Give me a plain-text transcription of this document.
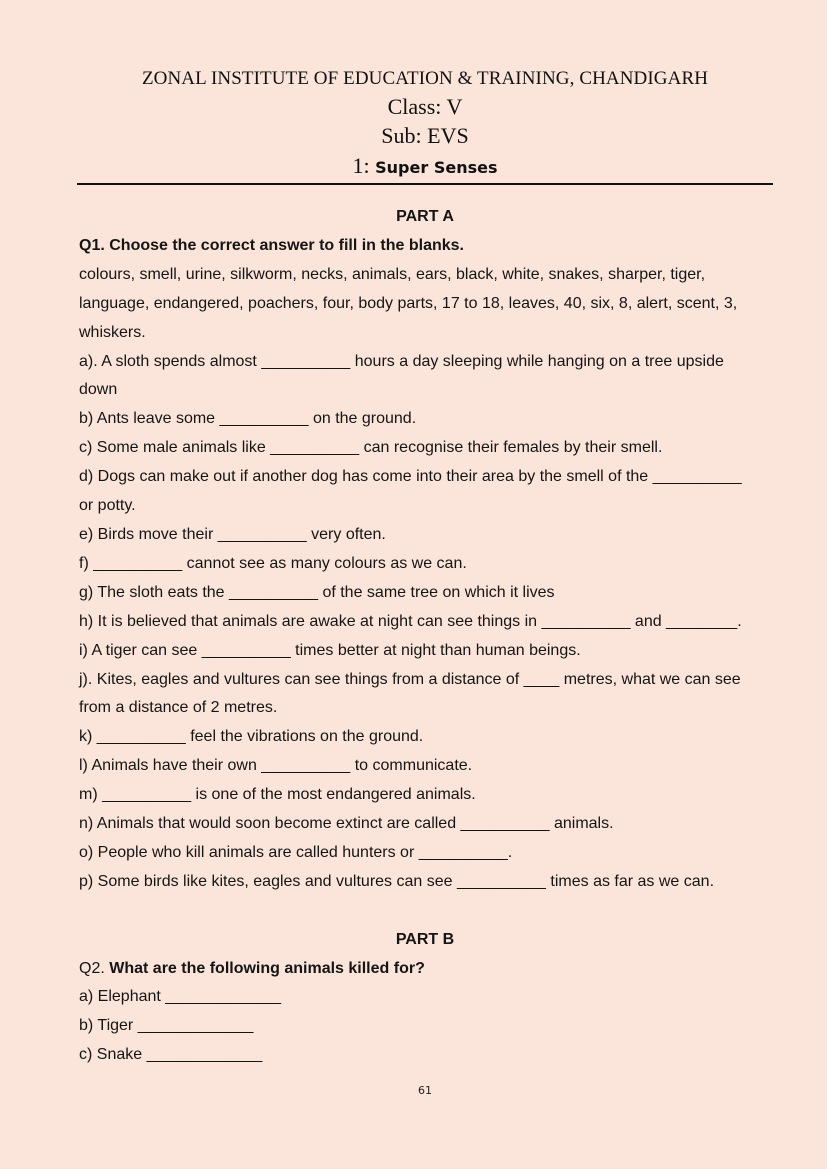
ZONAL INSTITUTE OF EDUCATION & TRAINING, CHANDIGARH
Class: V
Sub: EVS
1: Super Senses
PART A
Q1. Choose the correct answer to fill in the blanks.
colours, smell, urine, silkworm, necks, animals, ears, black, white, snakes, sharper, tiger,
language, endangered, poachers, four, body parts, 17 to 18, leaves, 40, six, 8, alert, scent, 3,
whiskers.
a). A sloth spends almost __________ hours a day sleeping while hanging on a tree upside
down
b) Ants leave some __________ on the ground.
c) Some male animals like __________ can recognise their females by their smell.
d) Dogs can make out if another dog has come into their area by the smell of the __________
or potty.
e) Birds move their __________ very often.
f) __________ cannot see as many colours as we can.
g) The sloth eats the __________ of the same tree on which it lives
h) It is believed that animals are awake at night can see things in __________ and ________.
i) A tiger can see __________ times better at night than human beings.
j). Kites, eagles and vultures can see things from a distance of ____ metres, what we can see
from a distance of 2 metres.
k) __________ feel the vibrations on the ground.
l) Animals have their own __________ to communicate.
m) __________ is one of the most endangered animals.
n) Animals that would soon become extinct are called __________ animals.
o) People who kill animals are called hunters or __________.
p) Some birds like kites, eagles and vultures can see __________ times as far as we can.
PART B
Q2. What are the following animals killed for?
a) Elephant _____________
b) Tiger _____________
c) Snake _____________
61
